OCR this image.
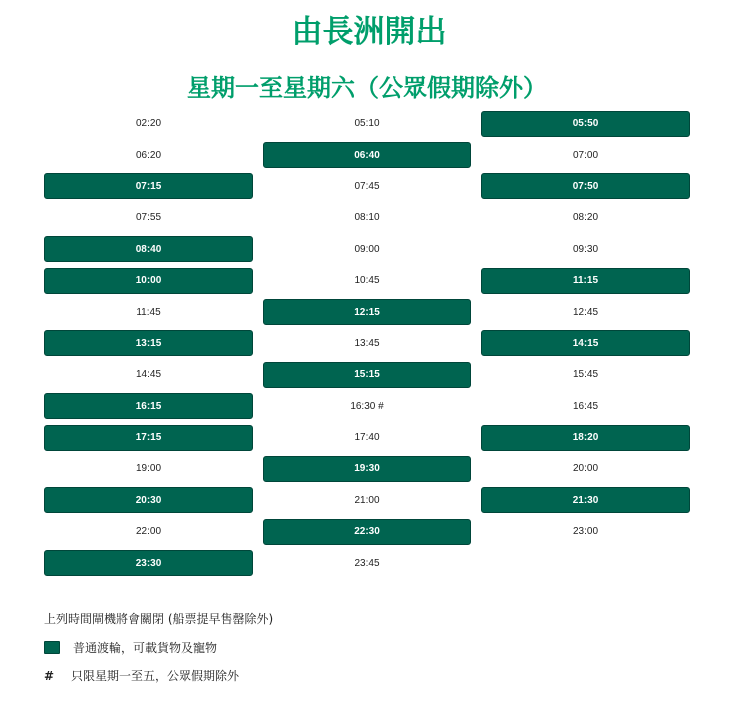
由長洲開出
星期一至星期六（公眾假期除外）
02:20	05:10	05:50
06:20	06:40	07:00
07:15	07:45	07:50
07:55	08:10	08:20
08:40	09:00	09:30
10:00	10:45	11:15
11:45	12:15	12:45
13:15	13:45	14:15
14:45	15:15	15:45
16:15	16:30 #	16:45
17:15	17:40	18:20
19:00	19:30	20:00
20:30	21:00	21:30
22:00	22:30	23:00
23:30	23:45
上列時間閘機將會關閉 (船票提早售罄除外)
普通渡輪，可載貨物及寵物
#	只限星期一至五，公眾假期除外
